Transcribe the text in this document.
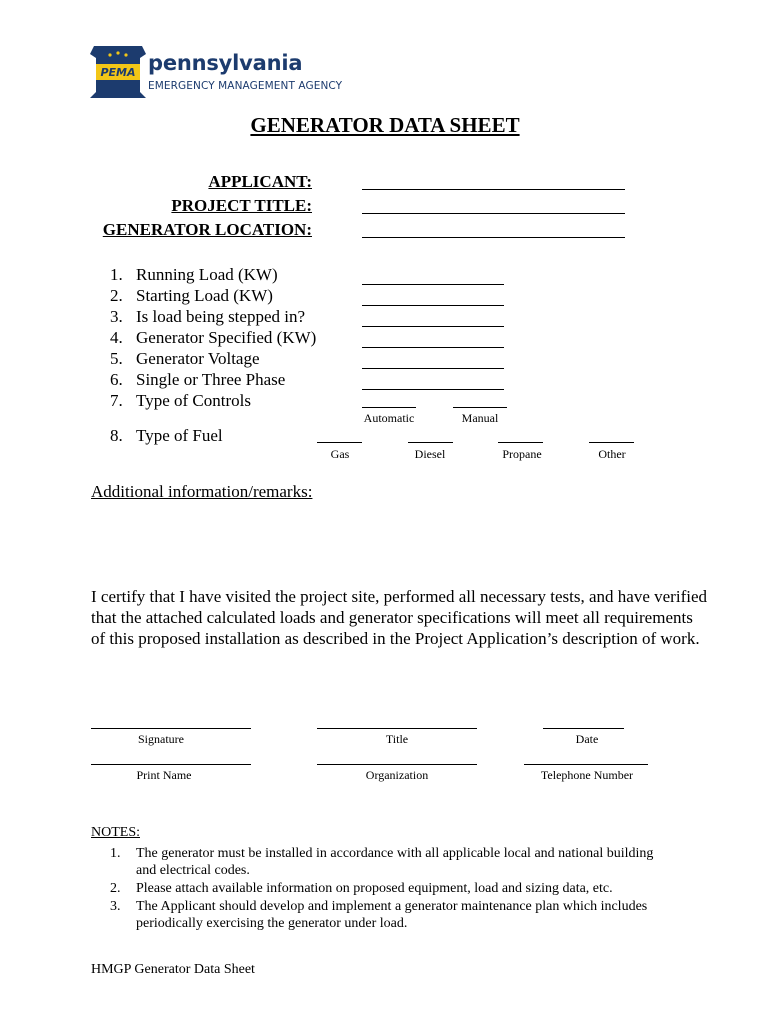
PEMA pennsylvania
EMERGENCY MANAGEMENT AGENCY
GENERATOR DATA SHEET
APPLICANT:
PROJECT TITLE:
GENERATOR LOCATION:
1. Running Load (KW)
2. Starting Load (KW)
3. Is load being stepped in?
4. Generator Specified (KW)
5. Generator Voltage
6. Single or Three Phase
7. Type of Controls
Automatic	Manual
8. Type of Fuel
Gas	Diesel	Propane	Other
Additional information/remarks:
I certify that I have visited the project site, performed all necessary tests, and have verified that the attached calculated loads and generator specifications will meet all requirements of this proposed installation as described in the Project Application’s description of work.
Signature	Title	Date
Print Name	Organization	Telephone Number
NOTES:
1. The generator must be installed in accordance with all applicable local and national building and electrical codes.
2. Please attach available information on proposed equipment, load and sizing data, etc.
3. The Applicant should develop and implement a generator maintenance plan which includes periodically exercising the generator under load.
HMGP Generator Data Sheet
